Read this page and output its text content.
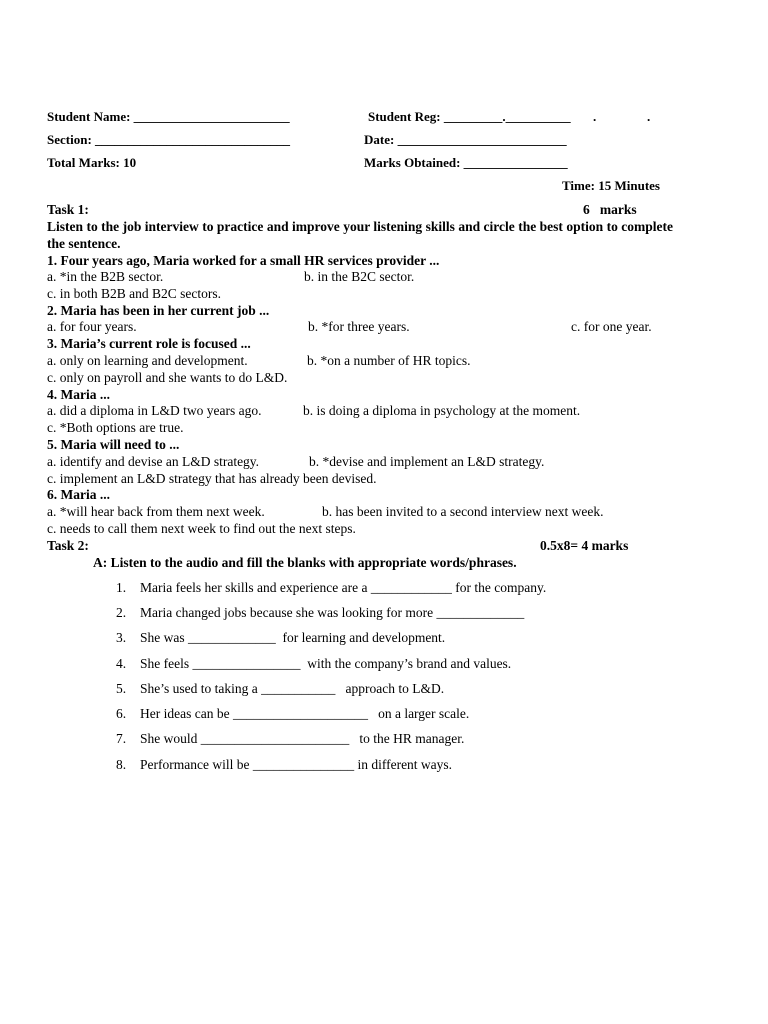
Student Name: ________________________	Student Reg: _________.__________ .	.
Section: ______________________________	Date: __________________________
Total Marks: 10	Marks Obtained: ________________
Time: 15 Minutes
Task 1:	6   marks
Listen to the job interview to practice and improve your listening skills and circle the best option to complete the sentence.
1. Four years ago, Maria worked for a small HR services provider ...
a. *in the B2B sector.	b. in the B2C sector.
c. in both B2B and B2C sectors.
2. Maria has been in her current job ...
a. for four years.	b. *for three years.	c. for one year.
3. Maria’s current role is focused ...
a. only on learning and development.	b. *on a number of HR topics.
c. only on payroll and she wants to do L&D.
4. Maria ...
a. did a diploma in L&D two years ago.	b. is doing a diploma in psychology at the moment.
c. *Both options are true.
5. Maria will need to ...
a. identify and devise an L&D strategy.	b. *devise and implement an L&D strategy.
c. implement an L&D strategy that has already been devised.
6. Maria ...
a. *will hear back from them next week.	b. has been invited to a second interview next week.
c. needs to call them next week to find out the next steps.
Task 2:	0.5x8= 4 marks
A: Listen to the audio and fill the blanks with appropriate words/phrases.
1. Maria feels her skills and experience are a ____________ for the company.
2. Maria changed jobs because she was looking for more _____________
3. She was _____________  for learning and development.
4. She feels ________________  with the company’s brand and values.
5. She’s used to taking a ___________   approach to L&D.
6. Her ideas can be ____________________   on a larger scale.
7. She would ______________________   to the HR manager.
8. Performance will be _______________ in different ways.
